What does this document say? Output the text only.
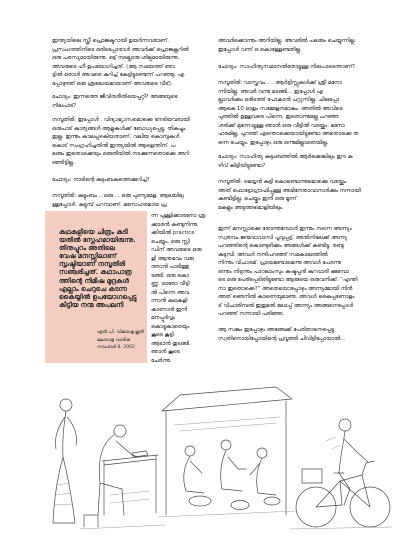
ഇന്ത്യയിലെ സ്ത്രീ പ്രൊജക്ടറായി ഉയർന്നവരാണ്.
പ്രസംഗത്തിനിടെ ഒരിടപ്പോരാൾ അവർക്ക് പ്രൊജക്റ്ററിൽ
ഒരു പരസ്യമായിരുന്നു. ഒട്ട് നല്ലൊരു ശില്പമായിരുന്നു.
അവരുടെ ഹീ ഉപയോഗിച്ചത്. (ആ സമയത്ത് ഞാ
ട്ടിൽ ഒരാൾ അവരെ കുറിച്ച് കേട്ടിട്ടുണ്ടെന്ന് പറഞ്ഞു. എ
പ്പോഴുത്ത് ഒരു ശ്രദ്ധേയമായാണ് അവരുടെ വീട്).
ചോദ്യം: ഇന്നത്തെ ജീവിതരീതിയെപ്പറ്റി? അങ്ങയുടെ
നിലപാട്?
നമ്പൂതിരി: ഇപ്പോൾ . വിദ്യാഭ്യാസമൊക്കെ നേടിയവരായി
ഒരുപാട് കാര്യങ്ങൾ ആളുകൾക്ക് ബോധ്യപ്പെട്ടു. തികച്ചും
ഇല്ല. ഇന്നും കാലപ്പഴകിയതാണ്. വലിയ കൊമ്പുകൾ
കൊട് സംഗ്രഹിച്ചതിൽ ഇന്ത്യയിൽ ആളെന്തിന്. പ
ലരും ഇതൊക്കെയും ഒരുതിയിൽ നടക്കുന്നതൊക്കെ അറി
ഞ്ഞിട്ടില്ല.
ചോദ്യം: നാടിന്റെ കുടുംബകത്തെക്കുറിച്ച്?
നമ്പൂതിരി: കുട്ടുംബം .. ഒരു ... ഒരു പുണ്യമേള. ആലയിലു
ള്ളപ്പോൾ. കുട്ടുമ്പ് പറമ്പാണ്. മനോഹരമായ പ്ര
കഥകളിയെ ചിത്രം കുടി
യതിൽ സ്നേഹമായിരുന്നു.
തിനുപ്പുറം അതിലെ
വേഷ മനസ്സിലാണ്
സൃഷ്ടിയാണ് നമ്പൂതിരി
സഞ്ചരിച്ചത്. കഥാപാത്ര
ത്തിന്റെ നിമിഷ മുദ്രകൾ
എല്ലാം ചെറുചെ കടന്ന
കൈയ്യിൽ ഉപയോഗപ്പെട്ടു
കിട്ടിയ നന്മ അപലനി
എൻ.പി. വിജയകൃഷ്ണൻ
മലയാള വാരിക
നവംബർ 8, 2002
ന്ന പുള്ളിക്കാരനോ ശ്ര
ക്കാരൻ കണ്ടുനിന്നു.
ക്കിയിൽ practice
ചെയ്യും. ഒരു സ്റ്റി
ഡിന് അവരുടെ ഒരു
ളി ആനുഭവം വരു
ത്താൻ പാടിത്തു
ടങ്ങി. ഒരു കൊ
ണ്ണു. ഓരോ വീട്ടി
ൽ പിന്നെ അവ
ന്നാൻ കഥകളി
കാണാൻ ഇനി
മനപ്പൂർവ്വം
കൊട്ടുകാരെയും
കൂടെ കൂട്ടി
ആടാൻ തുടങ്ങി.
ഞാൻ കൂടെ
ചേർന്നു.
അവർക്കൊന്നും അറിയില്ല. അവരിൽ പലരും ചെയ്യുന്നില്ല.
ഇപ്പോൾ വന്ന് ഒ കൊള്ളേണ്ടതില്ല.
ചോദ്യം: സാഹിത്യസമാനതിതോട്ടുള്ള നിലപാടെന്താണ്?
നമ്പൂതിരി: വാസ്തവം .... ആർട്ടിസ്റ്റുകൾക്ക് ശ്രീ മനോ
ന്നിയില്ല. അവർ വന്നു മടങ്ങി... ഇപ്പോൾ എ
ല്ലാവർക്കും ഒരിടത്ത് പോകാൻ പറ്റുന്നില്ല. ചിലപ്പോ
ആകെ 10 ഓളം സമ്മേളനമാകും. അതിൽ അവിടെ
പുത്തിൽ ഉള്ളവരെ പിന്നെ, ഇതൊന്നുമല്ല പറഞ്ഞ
ശരിക്ക് മുന്നോട്ടുള്ള ഞാൻ ഒരു വീട്ടിൽ വരയ്ക്കും. മനോ
ഹരമില്ല, പുറത്ത് എന്തൊക്കെയായിട്ടുണ്ടോ അതൊക്കെ ത
ന്നെ ചെയ്യും. ഇപ്പോഴും ഒരു ഒന്നുമില്ലാതെയില്ല.
ചോദ്യം: സാഹിത്യ കുടുംബത്തിൽ ആർക്കെങ്കിലും ഈ ക
ഴിവ് കിട്ടിയിട്ടുണ്ടോ?
നമ്പൂതിരി: മെയ്യൻ കുട്ടി കൊണ്ടൊന്നുമൊക്കെ വരയ്ക്കും.
അത് ഫോട്ടോഗ്രാഫിപ്പുള്ള അഭിനേതാവാനാർക്കും നന്നായി
കണ്ടിട്ടില്ല. ചെയ്തും ഇനി ഒരു മൂന്ന്
മകളും അടുത്തമൊളിയിലും.
ഇന്ന് മനസ്സാക്കെ തോന്നുമ്പോൾ ഇന്നും നന്നെ അന്ന്യം
സ്വതവം ജന്മവാവാസി പൂവുപ്പട്ട്, അതിനിലേക്ക് അന്ന്യ
പറഞ്ഞിന്റെ കൊണ്ടുഴിക്കും അങ്ങൾക്ക് കണ്ടിട്ടു. രണ്ടു
കുടുമ്പി. അവൾ നന്ദിപറഞ്ഞ് സമകാലത്തിൽ
നിന്നും വിചാരമ്. പ്രായമണ്ടാമെന്നു അവൾ പേരന്നു
ഒന്നും നിടുന്നും പാഠലാംസും കഷ്ടപ്പൻ കുറവാരി ക്കുമ്പോ
ടെ ഒരു പേര്പ്പെടിതിട്ടുണ്ടോ ആരുയെ ഒരുവനിക്ക്. “എന്തി
നാ ഇതൊക്കെ?” അതെയൊപ്പോഴും അന്ന്യമ്മായി നിൻ
അത് ഞെനിൽ കാണെയുമാണു. അവൾ കൈപ്പണോളം
ട് വിചാരിമ്പൽ ഇതുമതി ലോപ്പ് അന്ന്യം അങ്ങനെപ്പോൾ
പറഞ്ഞ് നന്നായി പരിഞ്ഞ.
ആ സങ്കം ഇപ്പോഴും അങ്ങേക്ക് പേരിതാനെപ്പെട്ടു.
സ്വതിനൊയിപ്പോയിന്റെ പ്രവൃത്തി ചിവിട്ടിപ്പോയാൽ...
